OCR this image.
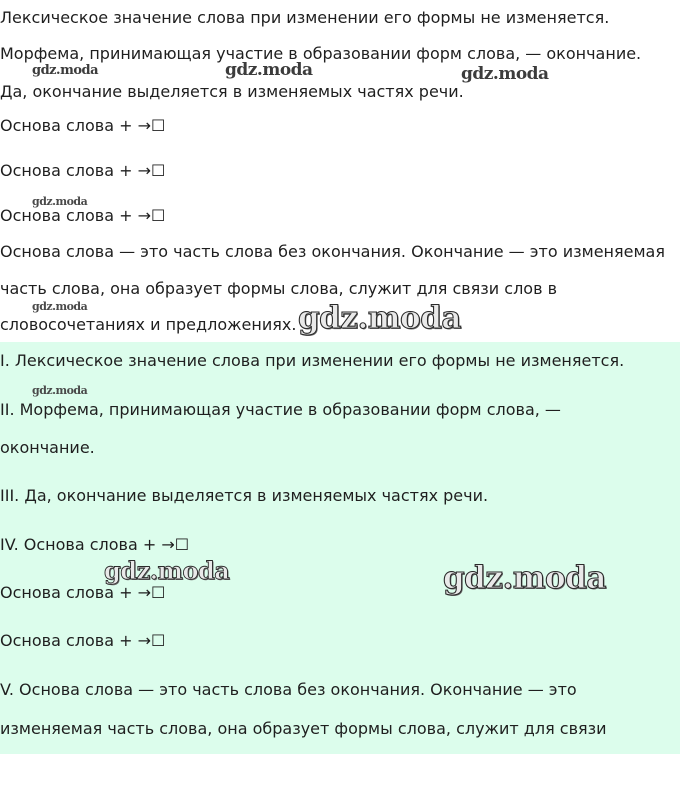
Лексическое значение слова при изменении его формы не изменяется.
Морфема, принимающая участие в образовании форм слова, — окончание.
Да, окончание выделяется в изменяемых частях речи.
Основа слова + →☐
Основа слова + →☐
Основа слова + →☐
Основа слова — это часть слова без окончания. Окончание — это изменяемая
часть слова, она образует формы слова, служит для связи слов в
словосочетаниях и предложениях.
I. Лексическое значение слова при изменении его формы не изменяется.
II. Морфема, принимающая участие в образовании форм слова, —
окончание.
III. Да, окончание выделяется в изменяемых частях речи.
IV. Основа слова + →☐
Основа слова + →☐
Основа слова + →☐
V. Основа слова — это часть слова без окончания. Окончание — это
изменяемая часть слова, она образует формы слова, служит для связи
gdz.moda	gdz.moda	gdz.moda
gdz.moda
gdz.moda	gdz.moda
gdz.moda
gdz.moda	gdz.moda
